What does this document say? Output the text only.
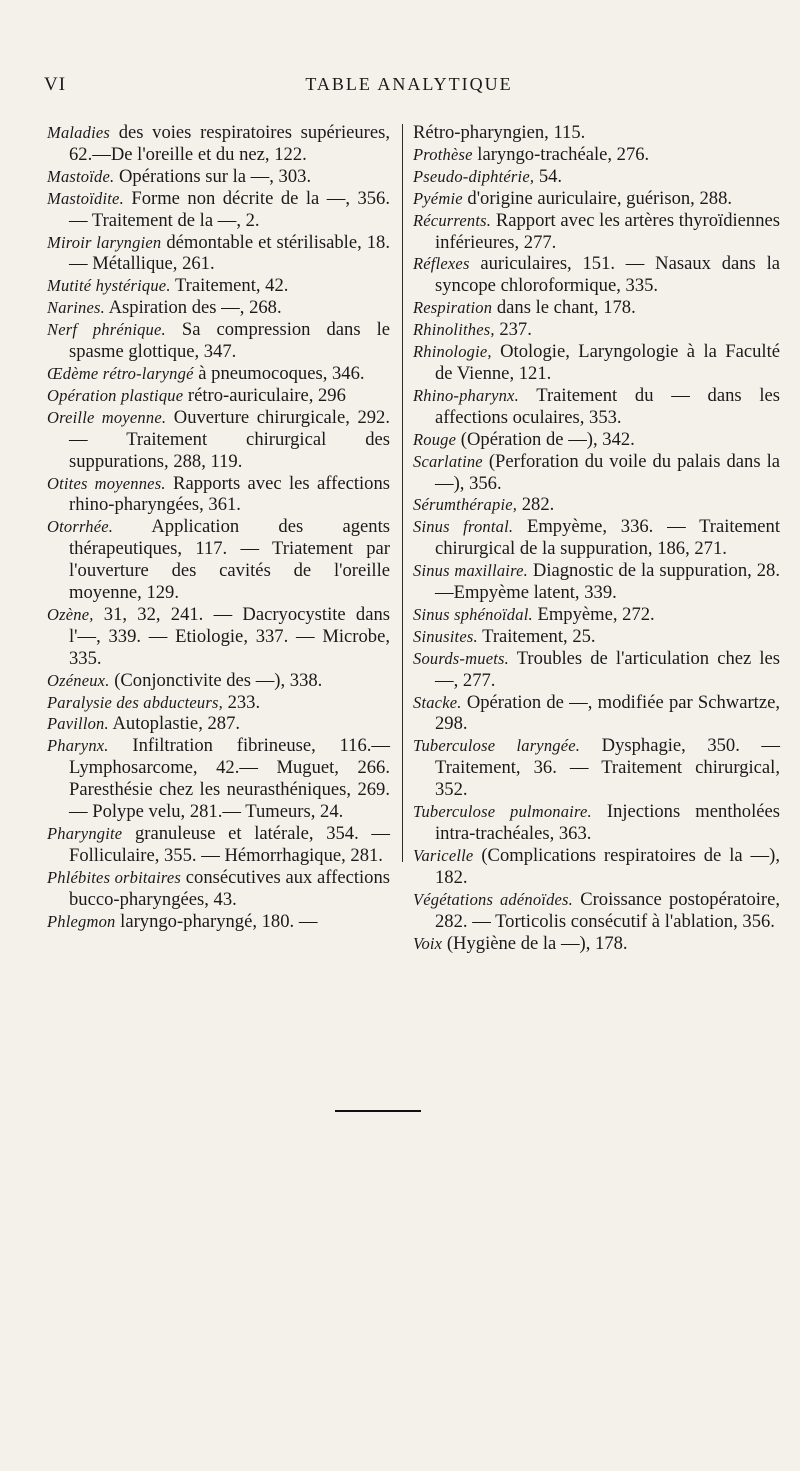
VI	TABLE ANALYTIQUE

Maladies des voies respiratoires supérieures, 62.—De l'oreille et du nez, 122.

Mastoïde. Opérations sur la —, 303.

Mastoïdite. Forme non décrite de la —, 356. — Traitement de la —, 2.

Miroir laryngien démontable et stérilisable, 18. — Métallique, 261.

Mutité hystérique. Traitement, 42.

Narines. Aspiration des —, 268.

Nerf phrénique. Sa compression dans le spasme glottique, 347.

Œdème rétro-laryngé à pneumocoques, 346.

Opération plastique rétro-auriculaire, 296

Oreille moyenne. Ouverture chirurgicale, 292. — Traitement chirurgical des suppurations, 288, 119.

Otites moyennes. Rapports avec les affections rhino-pharyngées, 361.

Otorrhée. Application des agents thérapeutiques, 117. — Triatement par l'ouverture des cavités de l'oreille moyenne, 129.

Ozène, 31, 32, 241. — Dacryocystite dans l'—, 339. — Etiologie, 337. — Microbe, 335.

Ozéneux. (Conjonctivite des —), 338.

Paralysie des abducteurs, 233.

Pavillon. Autoplastie, 287.

Pharynx. Infiltration fibrineuse, 116.— Lymphosarcome, 42.— Muguet, 266. Paresthésie chez les neurasthéniques, 269.— Polype velu, 281.— Tumeurs, 24.

Pharyngite granuleuse et latérale, 354. — Folliculaire, 355. — Hémorrhagique, 281.

Phlébites orbitaires consécutives aux affections bucco-pharyngées, 43.

Phlegmon laryngo-pharyngé, 180. —

Rétro-pharyngien, 115.

Prothèse laryngo-trachéale, 276.

Pseudo-diphtérie, 54.

Pyémie d'origine auriculaire, guérison, 288.

Récurrents. Rapport avec les artères thyroïdiennes inférieures, 277.

Réflexes auriculaires, 151. — Nasaux dans la syncope chloroformique, 335.

Respiration dans le chant, 178.

Rhinolithes, 237.

Rhinologie, Otologie, Laryngologie à la Faculté de Vienne, 121.

Rhino-pharynx. Traitement du — dans les affections oculaires, 353.

Rouge (Opération de —), 342.

Scarlatine (Perforation du voile du palais dans la —), 356.

Sérumthérapie, 282.

Sinus frontal. Empyème, 336. — Traitement chirurgical de la suppuration, 186, 271.

Sinus maxillaire. Diagnostic de la suppuration, 28.—Empyème latent, 339.

Sinus sphénoïdal. Empyème, 272.

Sinusites. Traitement, 25.

Sourds-muets. Troubles de l'articulation chez les —, 277.

Stacke. Opération de —, modifiée par Schwartze, 298.

Tuberculose laryngée. Dysphagie, 350. — Traitement, 36. — Traitement chirurgical, 352.

Tuberculose pulmonaire. Injections mentholées intra-trachéales, 363.

Varicelle (Complications respiratoires de la —), 182.

Végétations adénoïdes. Croissance postopératoire, 282. — Torticolis consécutif à l'ablation, 356.

Voix (Hygiène de la —), 178.
